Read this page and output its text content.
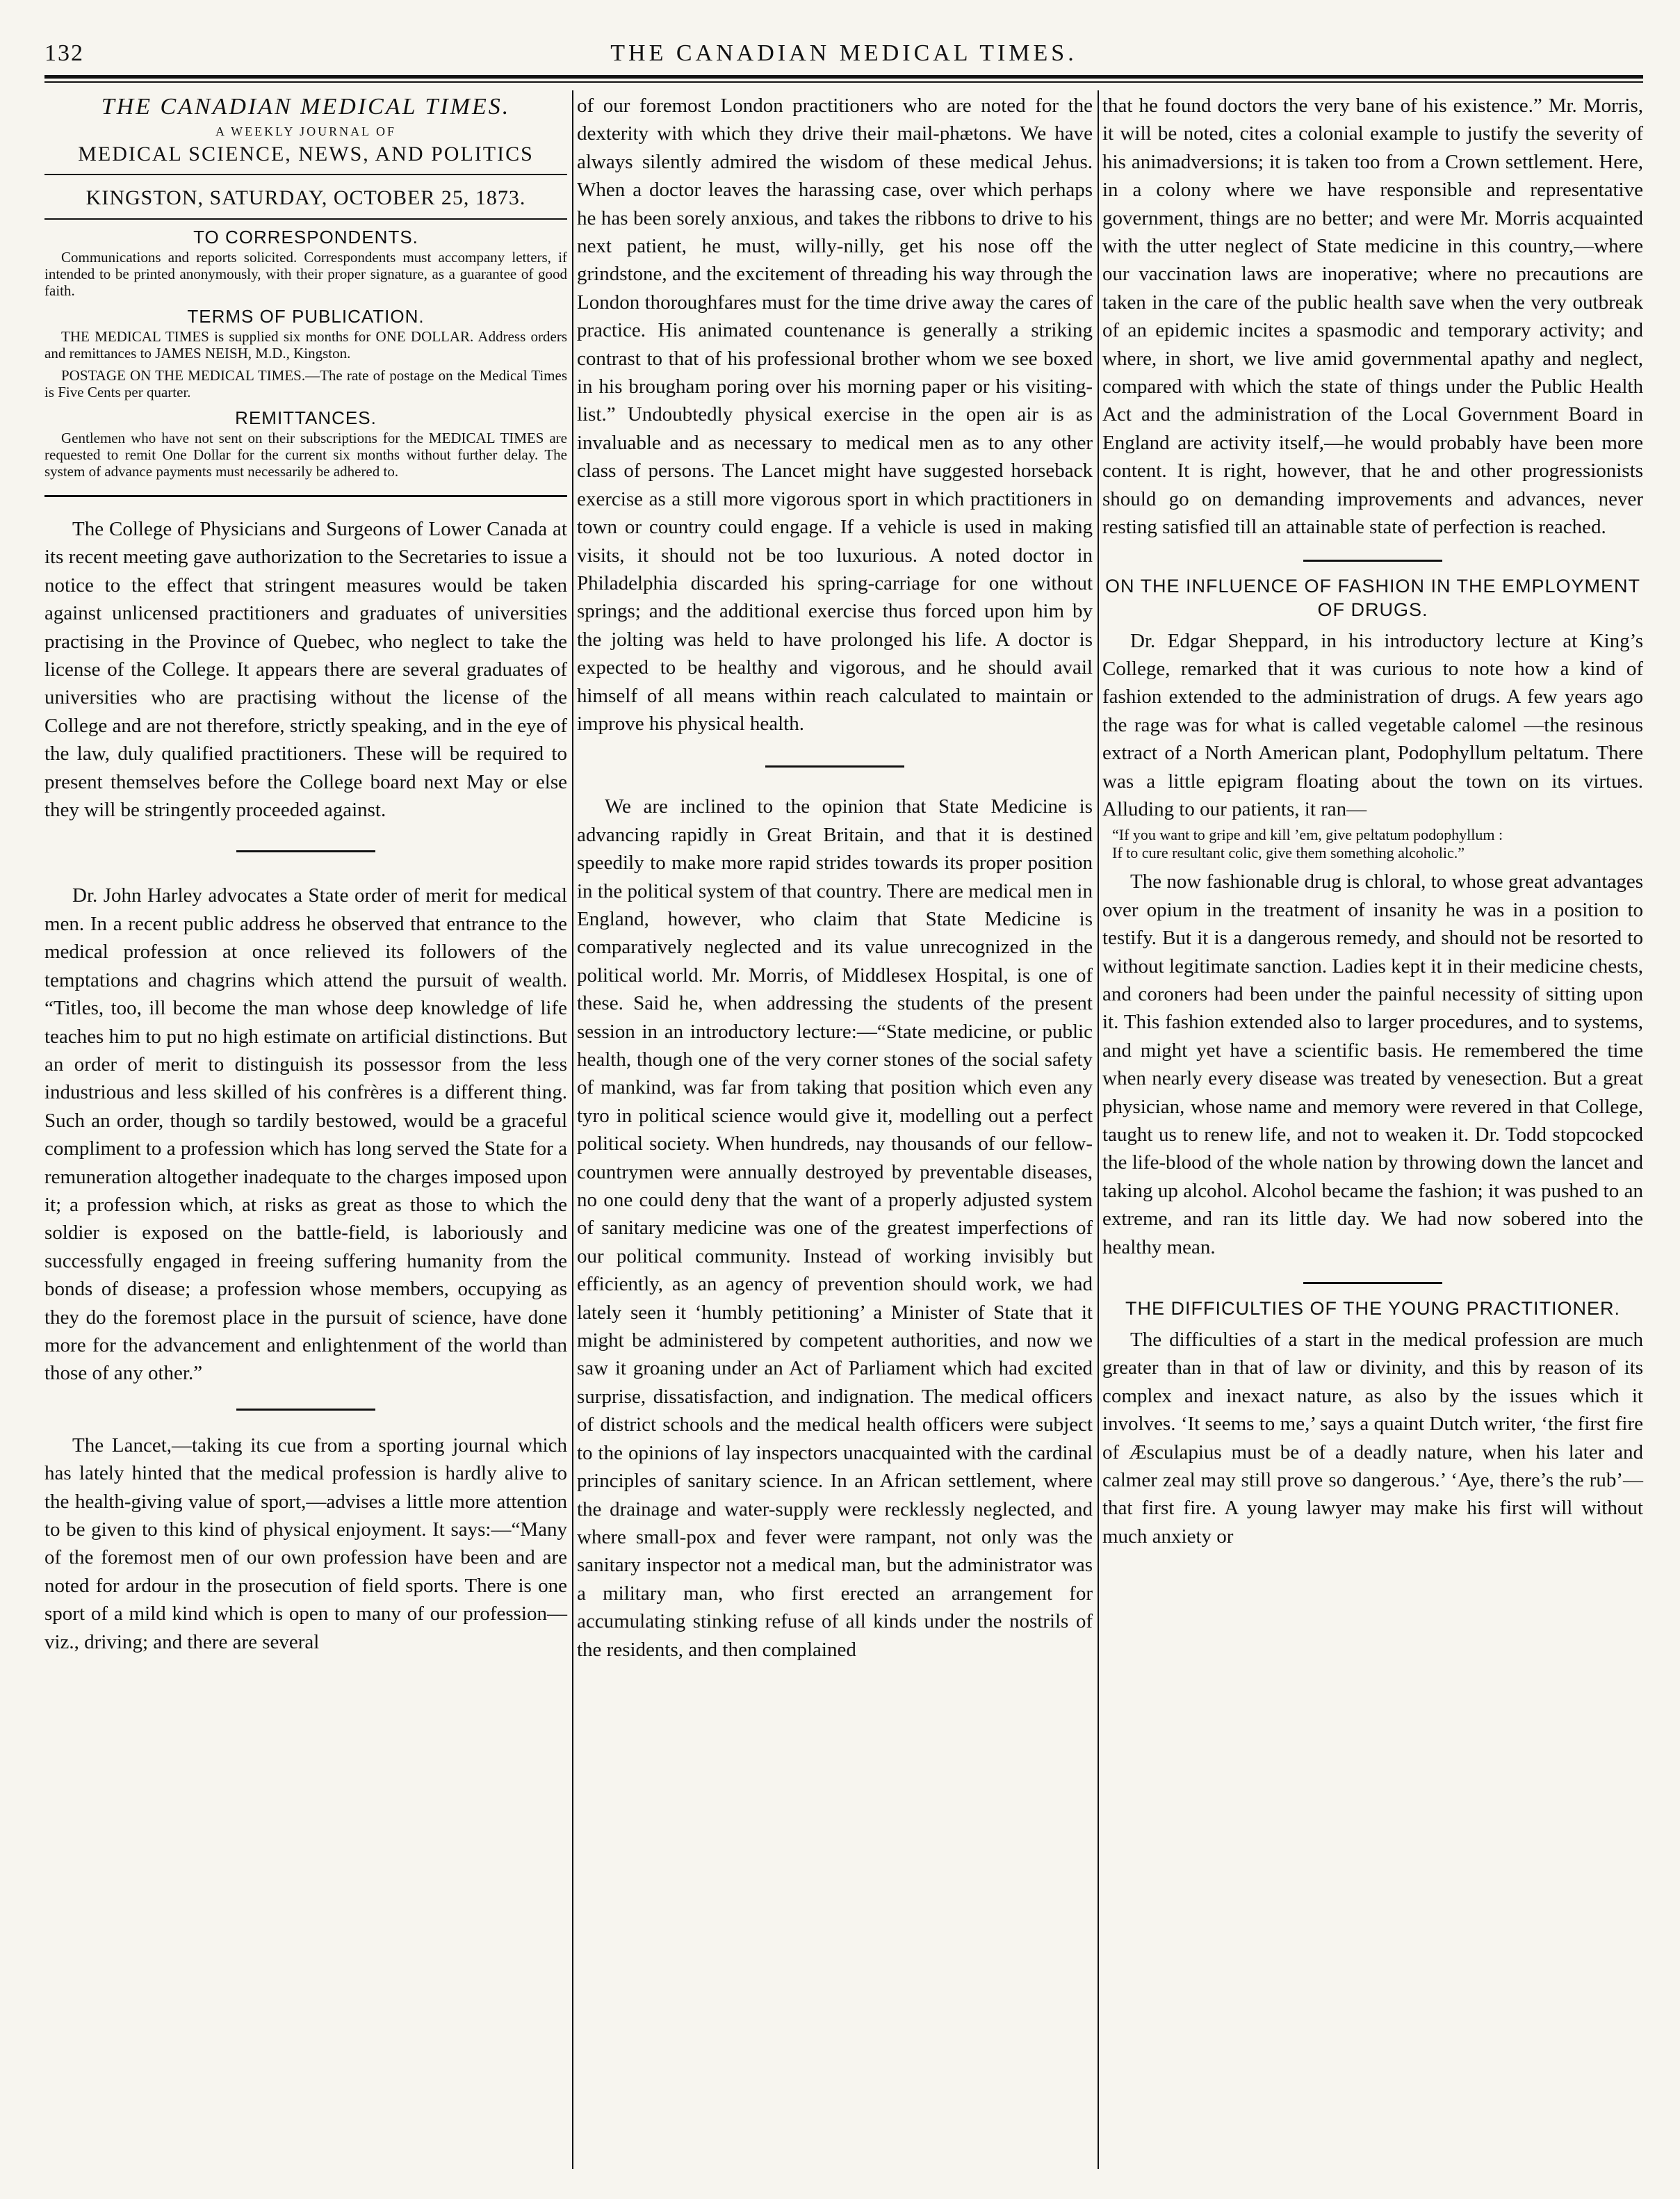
132	THE CANADIAN MEDICAL TIMES.
THE CANADIAN MEDICAL TIMES.
A WEEKLY JOURNAL OF
MEDICAL SCIENCE, NEWS, AND POLITICS
KINGSTON, SATURDAY, OCTOBER 25, 1873.
TO CORRESPONDENTS.

Communications and reports solicited. Correspondents must accompany letters, if intended to be printed anonymously, with their proper signature, as a guarantee of good faith.

TERMS OF PUBLICATION.

THE MEDICAL TIMES is supplied six months for ONE DOLLAR. Address orders and remittances to JAMES NEISH, M.D., Kingston.

POSTAGE ON THE MEDICAL TIMES.—The rate of postage on the Medical Times is Five Cents per quarter.

REMITTANCES.

Gentlemen who have not sent on their subscriptions for the MEDICAL TIMES are requested to remit One Dollar for the current six months without further delay. The system of advance payments must necessarily be adhered to.

The College of Physicians and Surgeons of Lower Canada at its recent meeting gave authorization to the Secretaries to issue a notice to the effect that stringent measures would be taken against unlicensed practitioners and graduates of universities practising in the Province of Quebec, who neglect to take the license of the College. It appears there are several graduates of universities who are practising without the license of the College and are not therefore, strictly speaking, and in the eye of the law, duly qualified practitioners. These will be required to present themselves before the College board next May or else they will be stringently proceeded against.

Dr. John Harley advocates a State order of merit for medical men. In a recent public address he observed that entrance to the medical profession at once relieved its followers of the temptations and chagrins which attend the pursuit of wealth. “Titles, too, ill become the man whose deep knowledge of life teaches him to put no high estimate on artificial distinctions. But an order of merit to distinguish its possessor from the less industrious and less skilled of his confrères is a different thing. Such an order, though so tardily bestowed, would be a graceful compliment to a profession which has long served the State for a remuneration altogether inadequate to the charges imposed upon it; a profession which, at risks as great as those to which the soldier is exposed on the battle-field, is laboriously and successfully engaged in freeing suffering humanity from the bonds of disease; a profession whose members, occupying as they do the foremost place in the pursuit of science, have done more for the advancement and enlightenment of the world than those of any other.”

The Lancet,—taking its cue from a sporting journal which has lately hinted that the medical profession is hardly alive to the health-giving value of sport,—advises a little more attention to be given to this kind of physical enjoyment. It says:—“Many of the foremost men of our own profession have been and are noted for ardour in the prosecution of field sports. There is one sport of a mild kind which is open to many of our profession—viz., driving; and there are several

of our foremost London practitioners who are noted for the dexterity with which they drive their mail-phætons. We have always silently admired the wisdom of these medical Jehus. When a doctor leaves the harassing case, over which perhaps he has been sorely anxious, and takes the ribbons to drive to his next patient, he must, willy-nilly, get his nose off the grindstone, and the excitement of threading his way through the London thoroughfares must for the time drive away the cares of practice. His animated countenance is generally a striking contrast to that of his professional brother whom we see boxed in his brougham poring over his morning paper or his visiting-list.” Undoubtedly physical exercise in the open air is as invaluable and as necessary to medical men as to any other class of persons. The Lancet might have suggested horseback exercise as a still more vigorous sport in which practitioners in town or country could engage. If a vehicle is used in making visits, it should not be too luxurious. A noted doctor in Philadelphia discarded his spring-carriage for one without springs; and the additional exercise thus forced upon him by the jolting was held to have prolonged his life. A doctor is expected to be healthy and vigorous, and he should avail himself of all means within reach calculated to maintain or improve his physical health.

We are inclined to the opinion that State Medicine is advancing rapidly in Great Britain, and that it is destined speedily to make more rapid strides towards its proper position in the political system of that country. There are medical men in England, however, who claim that State Medicine is comparatively neglected and its value unrecognized in the political world. Mr. Morris, of Middlesex Hospital, is one of these. Said he, when addressing the students of the present session in an introductory lecture:—“State medicine, or public health, though one of the very corner stones of the social safety of mankind, was far from taking that position which even any tyro in political science would give it, modelling out a perfect political society. When hundreds, nay thousands of our fellow-countrymen were annually destroyed by preventable diseases, no one could deny that the want of a properly adjusted system of sanitary medicine was one of the greatest imperfections of our political community. Instead of working invisibly but efficiently, as an agency of prevention should work, we had lately seen it ‘humbly petitioning’ a Minister of State that it might be administered by competent authorities, and now we saw it groaning under an Act of Parliament which had excited surprise, dissatisfaction, and indignation. The medical officers of district schools and the medical health officers were subject to the opinions of lay inspectors unacquainted with the cardinal principles of sanitary science. In an African settlement, where the drainage and water-supply were recklessly neglected, and where small-pox and fever were rampant, not only was the sanitary inspector not a medical man, but the administrator was a military man, who first erected an arrangement for accumulating stinking refuse of all kinds under the nostrils of the residents, and then complained

that he found doctors the very bane of his existence.” Mr. Morris, it will be noted, cites a colonial example to justify the severity of his animadversions; it is taken too from a Crown settlement. Here, in a colony where we have responsible and representative government, things are no better; and were Mr. Morris acquainted with the utter neglect of State medicine in this country,—where our vaccination laws are inoperative; where no precautions are taken in the care of the public health save when the very outbreak of an epidemic incites a spasmodic and temporary activity; and where, in short, we live amid governmental apathy and neglect, compared with which the state of things under the Public Health Act and the administration of the Local Government Board in England are activity itself,—he would probably have been more content. It is right, however, that he and other progressionists should go on demanding improvements and advances, never resting satisfied till an attainable state of perfection is reached.

ON THE INFLUENCE OF FASHION IN THE EMPLOYMENT OF DRUGS.

Dr. Edgar Sheppard, in his introductory lecture at King’s College, remarked that it was curious to note how a kind of fashion extended to the administration of drugs. A few years ago the rage was for what is called vegetable calomel —the resinous extract of a North American plant, Podophyllum peltatum. There was a little epigram floating about the town on its virtues. Alluding to our patients, it ran—

“If you want to gripe and kill ’em, give peltatum podophyllum :
If to cure resultant colic, give them something alcoholic.”

The now fashionable drug is chloral, to whose great advantages over opium in the treatment of insanity he was in a position to testify. But it is a dangerous remedy, and should not be resorted to without legitimate sanction. Ladies kept it in their medicine chests, and coroners had been under the painful necessity of sitting upon it. This fashion extended also to larger procedures, and to systems, and might yet have a scientific basis. He remembered the time when nearly every disease was treated by venesection. But a great physician, whose name and memory were revered in that College, taught us to renew life, and not to weaken it. Dr. Todd stopcocked the life-blood of the whole nation by throwing down the lancet and taking up alcohol. Alcohol became the fashion; it was pushed to an extreme, and ran its little day. We had now sobered into the healthy mean.

THE DIFFICULTIES OF THE YOUNG PRACTITIONER.

The difficulties of a start in the medical profession are much greater than in that of law or divinity, and this by reason of its complex and inexact nature, as also by the issues which it involves. ‘It seems to me,’ says a quaint Dutch writer, ‘the first fire of Æsculapius must be of a deadly nature, when his later and calmer zeal may still prove so dangerous.’ ‘Aye, there’s the rub’—that first fire. A young lawyer may make his first will without much anxiety or
